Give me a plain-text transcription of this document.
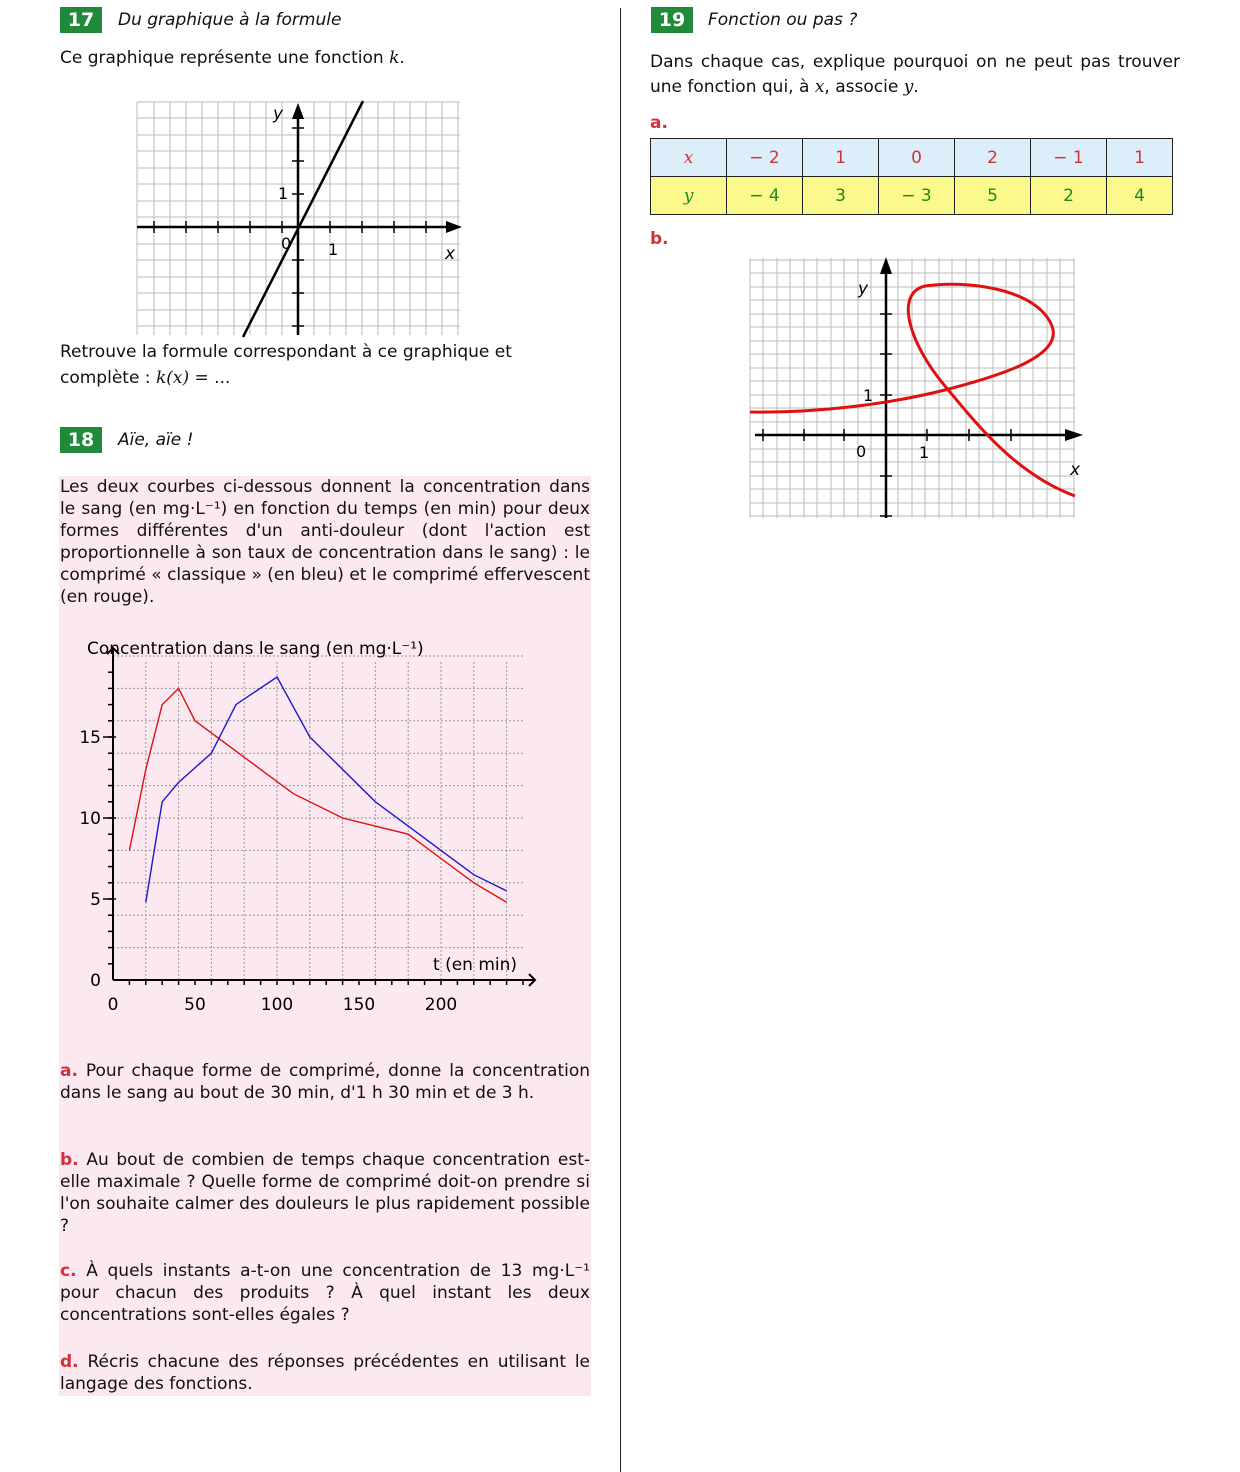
17	Du graphique à la formule
Ce graphique représente une fonction k.
y
1
0 1	x
Retrouve la formule correspondant à ce graphique et
complète : k(x) = ...
18	Aïe, aïe !
Les deux courbes ci-dessous donnent la concentration dans le sang (en mg·L⁻¹) en fonction du temps (en min) pour deux formes différentes d'un anti-douleur (dont l'action est proportionnelle à son taux de concentration dans le sang) : le comprimé « classique » (en bleu) et le comprimé effervescent (en rouge).
0	50	100	150	200
0
5
10
15
Concentration dans le sang (en mg·L⁻¹)
t (en min)
a. Pour chaque forme de comprimé, donne la concentration dans le sang au bout de 30 min, d'1 h 30 min et de 3 h.
b. Au bout de combien de temps chaque concentration est-elle maximale ? Quelle forme de comprimé doit-on prendre si l'on souhaite calmer des douleurs le plus rapidement possible ?
c. À quels instants a-t-on une concentration de 13 mg·L⁻¹ pour chacun des produits ? À quel instant les deux concentrations sont-elles égales ?
d. Récris chacune des réponses précédentes en utilisant le langage des fonctions.
19	Fonction ou pas ?
Dans chaque cas, explique pourquoi on ne peut pas trouver une fonction qui, à x, associe y.
a.
x	− 2	1	0	2	− 1	1
y	− 4	3	− 3	5	2	4
b.
y
1
0	1
x
